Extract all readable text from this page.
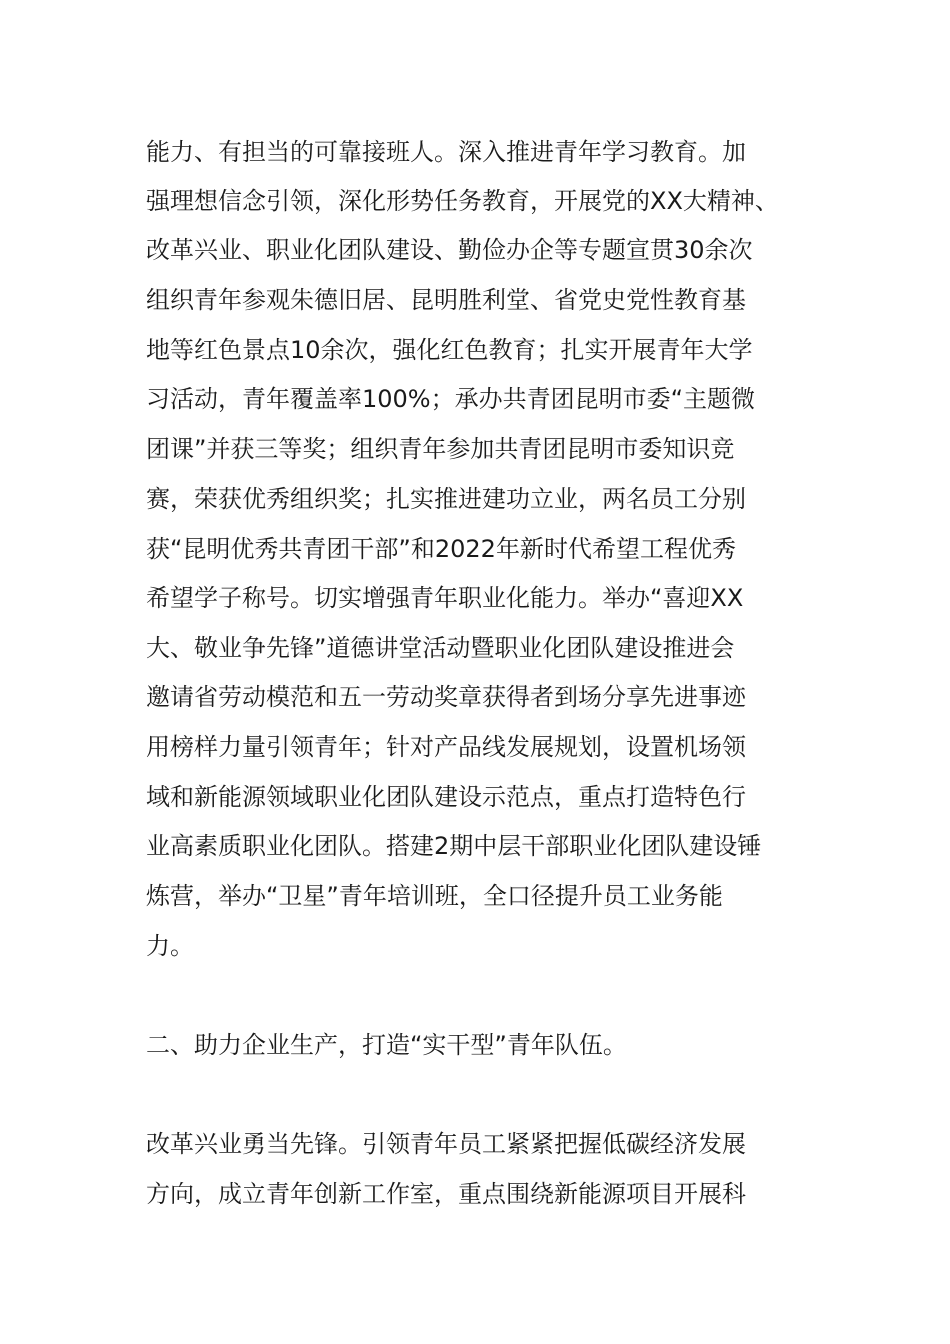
能力、有担当的可靠接班人。深入推进青年学习教育。加
强理想信念引领，深化形势任务教育，开展党的XX大精神、
改革兴业、职业化团队建设、勤俭办企等专题宣贯30余次
组织青年参观朱德旧居、昆明胜利堂、省党史党性教育基
地等红色景点10余次，强化红色教育；扎实开展青年大学
习活动，青年覆盖率100%；承办共青团昆明市委“主题微
团课”并获三等奖；组织青年参加共青团昆明市委知识竞
赛，荣获优秀组织奖；扎实推进建功立业，两名员工分别
获“昆明优秀共青团干部”和2022年新时代希望工程优秀
希望学子称号。切实增强青年职业化能力。举办“喜迎XX
大、敬业争先锋”道德讲堂活动暨职业化团队建设推进会
邀请省劳动模范和五一劳动奖章获得者到场分享先进事迹
用榜样力量引领青年；针对产品线发展规划，设置机场领
域和新能源领域职业化团队建设示范点，重点打造特色行
业高素质职业化团队。搭建2期中层干部职业化团队建设锤
炼营，举办“卫星”青年培训班，全口径提升员工业务能
力。
二、助力企业生产，打造“实干型”青年队伍。
改革兴业勇当先锋。引领青年员工紧紧把握低碳经济发展
方向，成立青年创新工作室，重点围绕新能源项目开展科
